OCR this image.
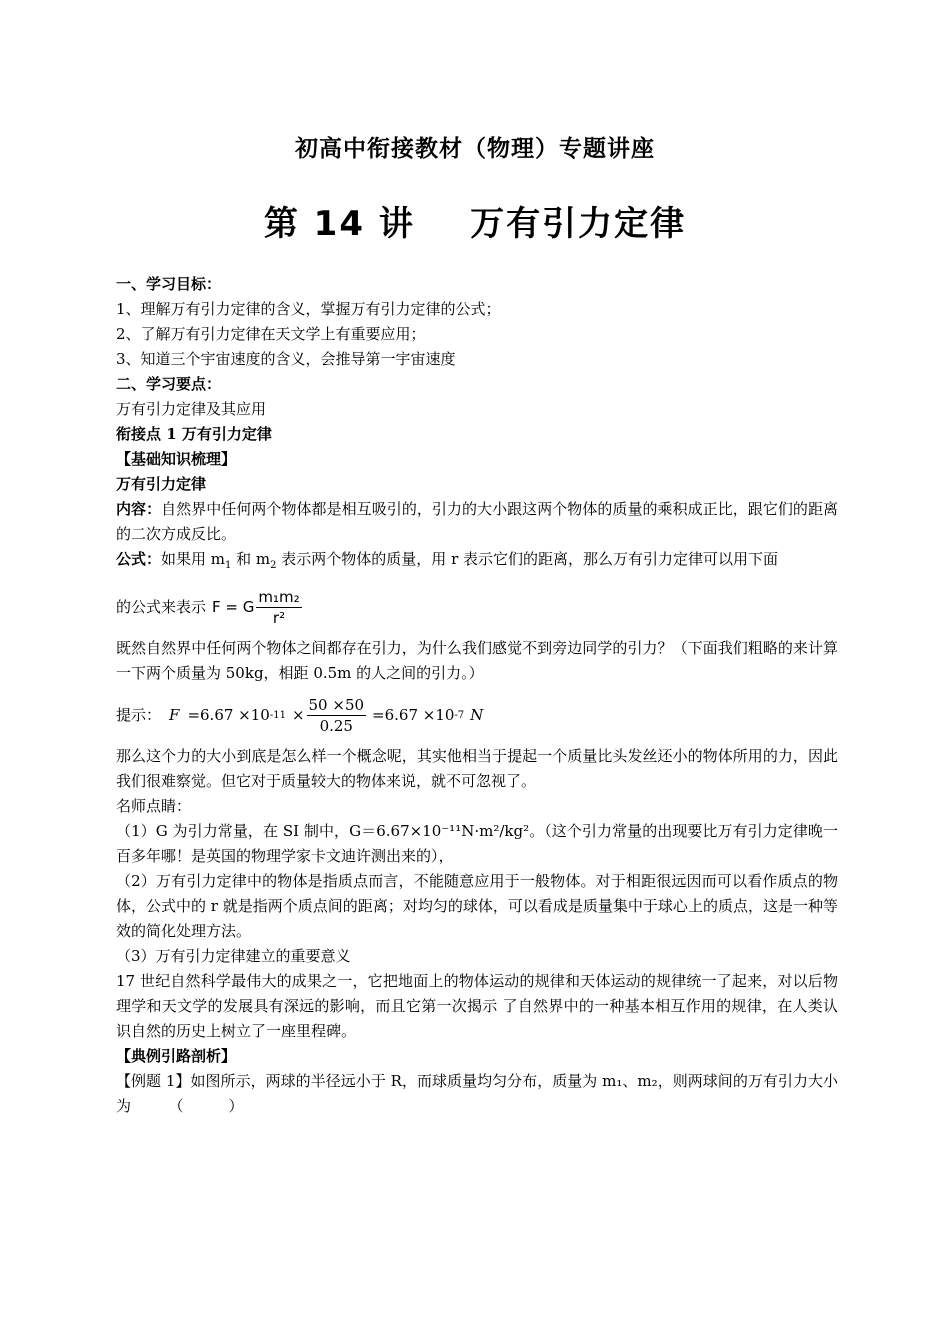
初高中衔接教材（物理）专题讲座
第 14 讲    万有引力定律
一、学习目标：
1、理解万有引力定律的含义，掌握万有引力定律的公式；
2、了解万有引力定律在天文学上有重要应用；
3、知道三个宇宙速度的含义，会推导第一宇宙速度
二、学习要点：
万有引力定律及其应用
衔接点 1 万有引力定律
【基础知识梳理】
万有引力定律
内容：自然界中任何两个物体都是相互吸引的，引力的大小跟这两个物体的质量的乘积成正比，跟它们的距离的二次方成反比。
公式：如果用 $m_1$ 和 $m_2$ 表示两个物体的质量，用 r 表示它们的距离，那么万有引力定律可以用下面
的公式来表示 F = G $\frac{\text{m₁m₂}}{\text{r²}}$
既然自然界中任何两个物体之间都存在引力，为什么我们感觉不到旁边同学的引力？（下面我们粗略的来计算一下两个质量为 50kg，相距 0.5m 的人之间的引力。）
提示： F =6.67 ×10 $-11 \times \frac{50 \times 50}{0.25} =6.67 \times 10$ -7 N
那么这个力的大小到底是怎么样一个概念呢，其实他相当于提起一个质量比头发丝还小的物体所用的力，因此我们很难察觉。但它对于质量较大的物体来说，就不可忽视了。
名师点睛：
（1）G 为引力常量，在 SI 制中，G＝6.67×10⁻¹¹N·m²/kg²。（这个引力常量的出现要比万有引力定律晚一百多年哪！是英国的物理学家卡文迪许测出来的），
（2）万有引力定律中的物体是指质点而言，不能随意应用于一般物体。对于相距很远因而可以看作质点的物体，公式中的 r 就是指两个质点间的距离；对均匀的球体，可以看成是质量集中于球心上的质点，这是一种等效的简化处理方法。
（3）万有引力定律建立的重要意义
17 世纪自然科学最伟大的成果之一，它把地面上的物体运动的规律和天体运动的规律统一了起来，对以后物理学和天文学的发展具有深远的影响，而且它第一次揭示 了自然界中的一种基本相互作用的规律，在人类认识自然的历史上树立了一座里程碑。
【典例引路剖析】
【例题 1】如图所示，两球的半径远小于 R，而球质量均匀分布，质量为 m₁、m₂，则两球间的万有引力大小为　　　（　　　）
